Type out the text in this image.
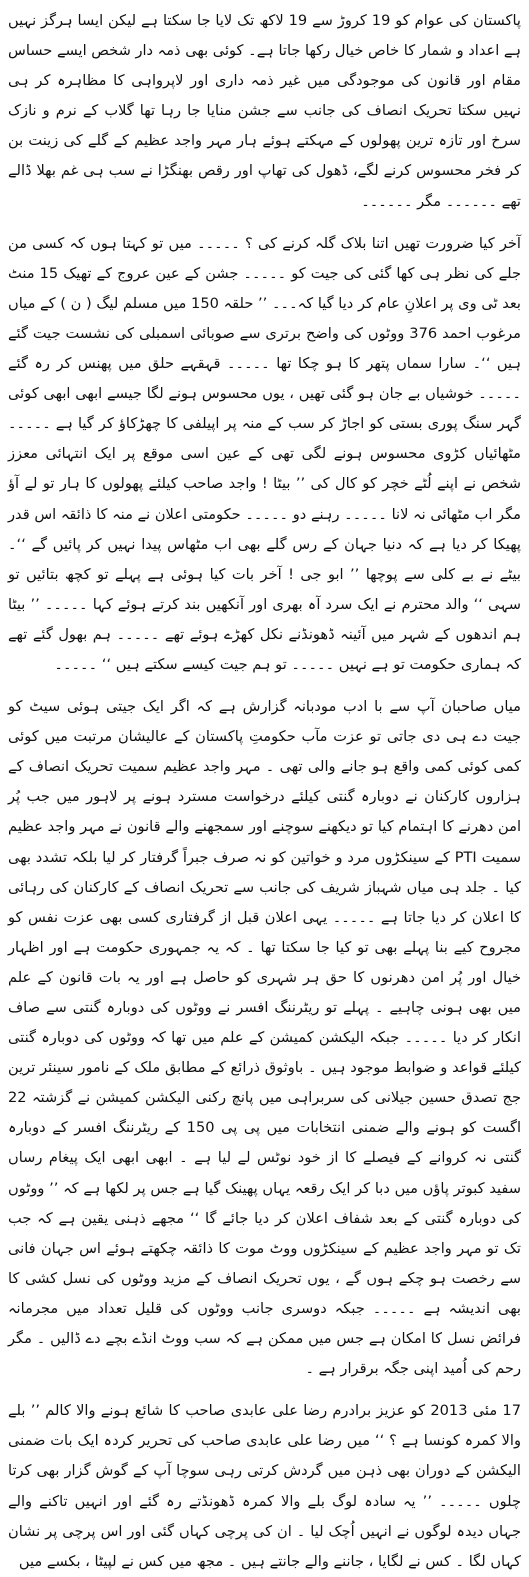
پاکستان کی عوام کو 19 کروڑ سے 19 لاکھ تک لایا جا سکتا ہے لیکن ایسا ہرگز نہیں ہے اعداد و شمار کا خاص خیال رکھا جاتا ہے۔ کوئی بھی ذمہ دار شخص ایسے حساس مقام اور قانون کی موجودگی میں غیر ذمہ داری اور لاپرواہی کا مظاہرہ کر ہی نہیں سکتا تحریک انصاف کی جانب سے جشن منایا جا رہا تھا گلاب کے نرم و نازک سرخ اور تازہ ترین پھولوں کے مہکتے ہوئے ہار مہر واجد عظیم کے گلے کی زینت بن کر فخر محسوس کرنے لگے، ڈھول کی تھاپ اور رقص بھنگڑا نے سب ہی غم بھلا ڈالے تھے ۔۔۔۔۔۔ مگر ۔۔۔۔۔۔

آخر کیا ضرورت تھیں اتنا بلاک گلہ کرنے کی ؟ ۔۔۔۔۔ میں تو کہتا ہوں کہ کسی من جلے کی نظر ہی کھا گئی کی جیت کو ۔۔۔۔۔ جشن کے عین عروج کے تھیک 15 منٹ بعد ٹی وی پر اعلانِ عام کر دیا گیا کہ۔۔۔ ’’ حلقہ 150 میں مسلم لیگ ( ن ) کے میاں مرغوب احمد 376 ووٹوں کی واضح برتری سے صوبائی اسمبلی کی نشست جیت گئے ہیں ‘‘۔ سارا سماں پتھر کا ہو چکا تھا ۔۔۔۔۔ قہقہے حلق میں پھنس کر رہ گئے ۔۔۔۔۔ خوشیاں بے جان ہو گئی تھیں ، یوں محسوس ہونے لگا جیسے ابھی ابھی کوئی گہر سنگ پوری بستی کو اجاڑ کر سب کے منہ پر اپیلفی کا چھڑکاؤ کر گیا ہے ۔۔۔۔۔ مٹھائیاں کڑوی محسوس ہونے لگی تھی کے عین اسی موقع پر ایک انتہائی معزز شخص نے اپنے لُٹے خچر کو کال کی ’’ بیٹا ! واجد صاحب کیلئے پھولوں کا ہار تو لے آؤ مگر اب مٹھائی نہ لانا ۔۔۔۔۔ رہنے دو ۔۔۔۔۔ حکومتی اعلان نے منہ کا ذائقہ اس قدر پھیکا کر دیا ہے کہ دنیا جہان کے رس گلے بھی اب مٹھاس پیدا نہیں کر پائیں گے ‘‘۔ بیٹے نے بے کلی سے پوچھا ’’ ابو جی ! آخر بات کیا ہوئی ہے پہلے تو کچھ بتائیں تو سہی ‘‘ والد محترم نے ایک سرد آہ بھری اور آنکھیں بند کرتے ہوئے کہا ۔۔۔۔۔ ’’ بیٹا ہم اندھوں کے شہر میں آئینہ ڈھونڈنے نکل کھڑے ہوئے تھے ۔۔۔۔۔ ہم بھول گئے تھے کہ ہماری حکومت تو ہے نہیں ۔۔۔۔۔ تو ہم جیت کیسے سکتے ہیں ‘‘ ۔۔۔۔۔

میاں صاحبان آپ سے با ادب مودبانہ گزارش ہے کہ اگر ایک جیتی ہوئی سیٹ کو جیت دے ہی دی جاتی تو عزت مآب حکومتِ پاکستان کے عالیشان مرتبت میں کوئی کمی کوئی کمی واقع ہو جانے والی تھی ۔ مہر واجد عظیم سمیت تحریک انصاف کے ہزاروں کارکنان نے دوبارہ گنتی کیلئے درخواست مسترد ہونے پر لاہور میں جب پُر امن دھرنے کا اہتمام کیا تو دیکھنے سوچنے اور سمجھنے والے قانون نے مہر واجد عظیم سمیت PTI کے سینکڑوں مرد و خواتین کو نہ صرف جبراً گرفتار کر لیا بلکہ تشدد بھی کیا ۔ جلد ہی میاں شہباز شریف کی جانب سے تحریک انصاف کے کارکنان کی رہائی کا اعلان کر دیا جاتا ہے ۔۔۔۔۔ یہی اعلان قبل از گرفتاری کسی بھی عزت نفس کو مجروح کیے بنا پہلے بھی تو کیا جا سکتا تھا ۔ کہ یہ جمہوری حکومت ہے اور اظہار خیال اور پُر امن دھرنوں کا حق ہر شہری کو حاصل ہے اور یہ بات قانون کے علم میں بھی ہونی چاہیے ۔ پہلے تو ریٹرننگ افسر نے ووٹوں کی دوبارہ گنتی سے صاف انکار کر دیا ۔۔۔۔۔ جبکہ الیکشن کمیشن کے علم میں تھا کہ ووٹوں کی دوبارہ گنتی کیلئے قواعد و ضوابط موجود ہیں ۔ باوثوق ذرائع کے مطابق ملک کے نامور سینئر ترین جج تصدق حسین جیلانی کی سربراہی میں پانچ رکنی الیکشن کمیشن نے گزشتہ 22 اگست کو ہونے والے ضمنی انتخابات میں پی پی 150 کے ریٹرننگ افسر کے دوبارہ گنتی نہ کروانے کے فیصلے کا از خود نوٹس لے لیا ہے ۔ ابھی ابھی ایک پیغام رساں سفید کبوتر پاؤں میں دبا کر ایک رقعہ یہاں پھینک گیا ہے جس پر لکھا ہے کہ ’’ ووٹوں کی دوبارہ گنتی کے بعد شفاف اعلان کر دیا جائے گا ‘‘ مجھے ذہنی یقین ہے کہ جب تک تو مہر واجد عظیم کے سینکڑوں ووٹ موت کا ذائقہ چکھتے ہوئے اس جہان فانی سے رخصت ہو چکے ہوں گے ، یوں تحریک انصاف کے مزید ووٹوں کی نسل کشی کا بھی اندیشہ ہے ۔۔۔۔۔ جبکہ دوسری جانب ووٹوں کی قلیل تعداد میں مجرمانہ فرائض نسل کا امکان ہے جس میں ممکن ہے کہ سب ووٹ انڈے بچے دے ڈالیں ۔ مگر رحم کی اُمید اپنی جگہ برقرار ہے ۔

17 مئی 2013 کو عزیز برادرم رضا علی عابدی صاحب کا شائع ہونے والا کالم ’’ بلے والا کمرہ کونسا ہے ؟ ‘‘ میں رضا علی عابدی صاحب کی تحریر کردہ ایک بات ضمنی الیکشن کے دوران بھی ذہن میں گردش کرتی رہی سوچا آپ کے گوش گزار بھی کرتا چلوں ۔۔۔۔۔ ’’ یہ سادہ لوگ بلے والا کمرہ ڈھونڈتے رہ گئے اور انہیں تاکنے والے جہاں دیدہ لوگوں نے انہیں اُچک لیا ۔ ان کی پرچی کہاں گئی اور اس پرچی پر نشان کہاں لگا ۔ کس نے لگایا ، جاننے والے جانتے ہیں ۔ مجھ میں کس نے لپیٹا ، بکسے میں
